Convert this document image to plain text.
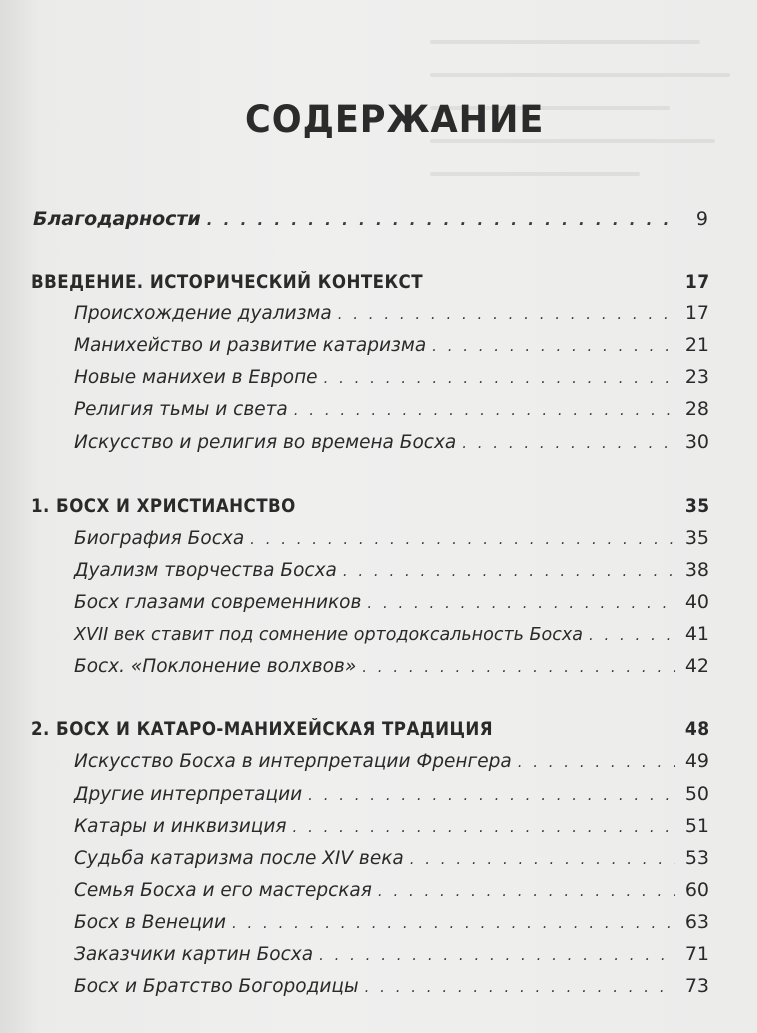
СОДЕРЖАНИЕ
Благодарности . . .	9
ВВЕДЕНИЕ. ИСТОРИЧЕСКИЙ КОНТЕКСТ	17
Происхождение дуализма . . .	17
Манихейство и развитие катаризма . . .	21
Новые манихеи в Европе . . .	23
Религия тьмы и света . . .	28
Искусство и религия во времена Босха . . .	30
1. БОСХ И ХРИСТИАНСТВО	35
Биография Босха . . .	35
Дуализм творчества Босха . . .	38
Босх глазами современников . . .	40
XVII век ставит под сомнение ортодоксальность Босха . . .	41
Босх. «Поклонение волхвов» . . .	42
2. БОСХ И КАТАРО-МАНИХЕЙСКАЯ ТРАДИЦИЯ	48
Искусство Босха в интерпретации Френгера . . .	49
Другие интерпретации . . .	50
Катары и инквизиция . . .	51
Судьба катаризма после XIV века . . .	53
Семья Босха и его мастерская . . .	60
Босх в Венеции . . .	63
Заказчики картин Босха . . .	71
Босх и Братство Богородицы . . .	73
